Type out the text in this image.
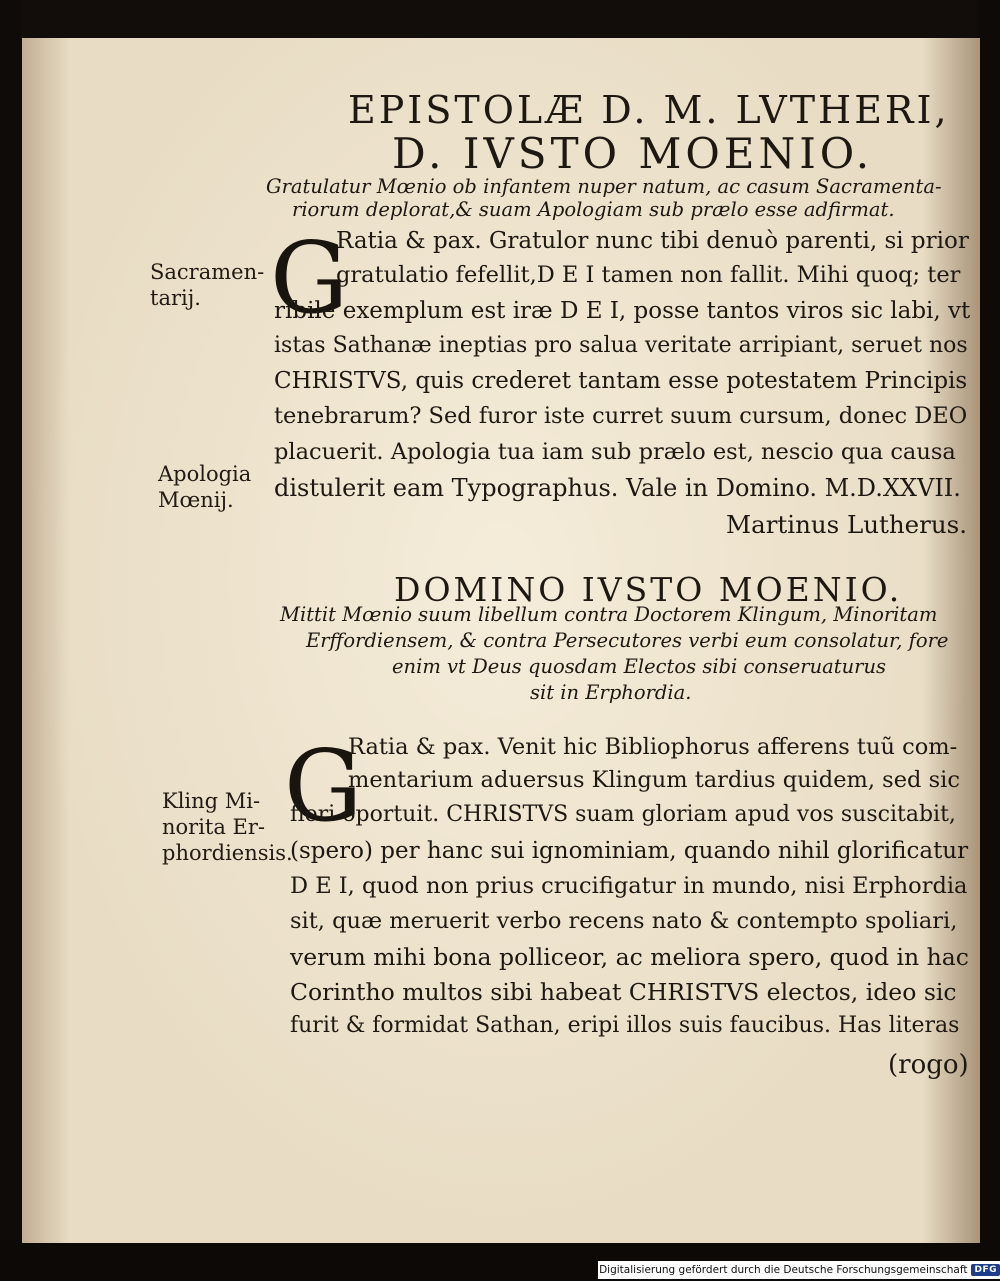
EPISTOLÆ D. M. LVTHERI,
D. IVSTO MOENIO.
Gratulatur Mœnio ob infantem nuper natum, ac casum Sacramenta-
riorum deplorat,& suam Apologiam sub prælo esse adfirmat.
Sacramen-
tarij. G
Ratia & pax. Gratulor nunc tibi denuò parenti, si prior
gratulatio fefellit,D E I tamen non fallit. Mihi quoq; ter
ribile exemplum est iræ D E I, posse tantos viros sic labi, vt
istas Sathanæ ineptias pro salua veritate arripiant, seruet nos
CHRISTVS, quis crederet tantam esse potestatem Principis
tenebrarum? Sed furor iste curret suum cursum, donec DEO
placuerit. Apologia tua iam sub prælo est, nescio qua causa
distulerit eam Typographus. Vale in Domino. M.D.XXVII.
Martinus Lutherus.
Apologia
Mœnij.
DOMINO IVSTO MOENIO.
Mittit Mœnio suum libellum contra Doctorem Klingum, Minoritam
Erffordiensem, & contra Persecutores verbi eum consolatur, fore
enim vt Deus quosdam Electos sibi conseruaturus
sit in Erphordia.
Kling Mi-
norita Er-
phordiensis.
G
Ratia & pax. Venit hic Bibliophorus afferens tuũ com-
mentarium aduersus Klingum tardius quidem, sed sic
fieri oportuit. CHRISTVS suam gloriam apud vos suscitabit,
(spero) per hanc sui ignominiam, quando nihil glorificatur
D E I, quod non prius crucifigatur in mundo, nisi Erphordia
sit, quæ meruerit verbo recens nato & contempto spoliari,
verum mihi bona polliceor, ac meliora spero, quod in hac
Corintho multos sibi habeat CHRISTVS electos, ideo sic
furit & formidat Sathan, eripi illos suis faucibus. Has literas
(rogo)
Digitalisierung gefördert durch die Deutsche Forschungsgemeinschaft DFG
